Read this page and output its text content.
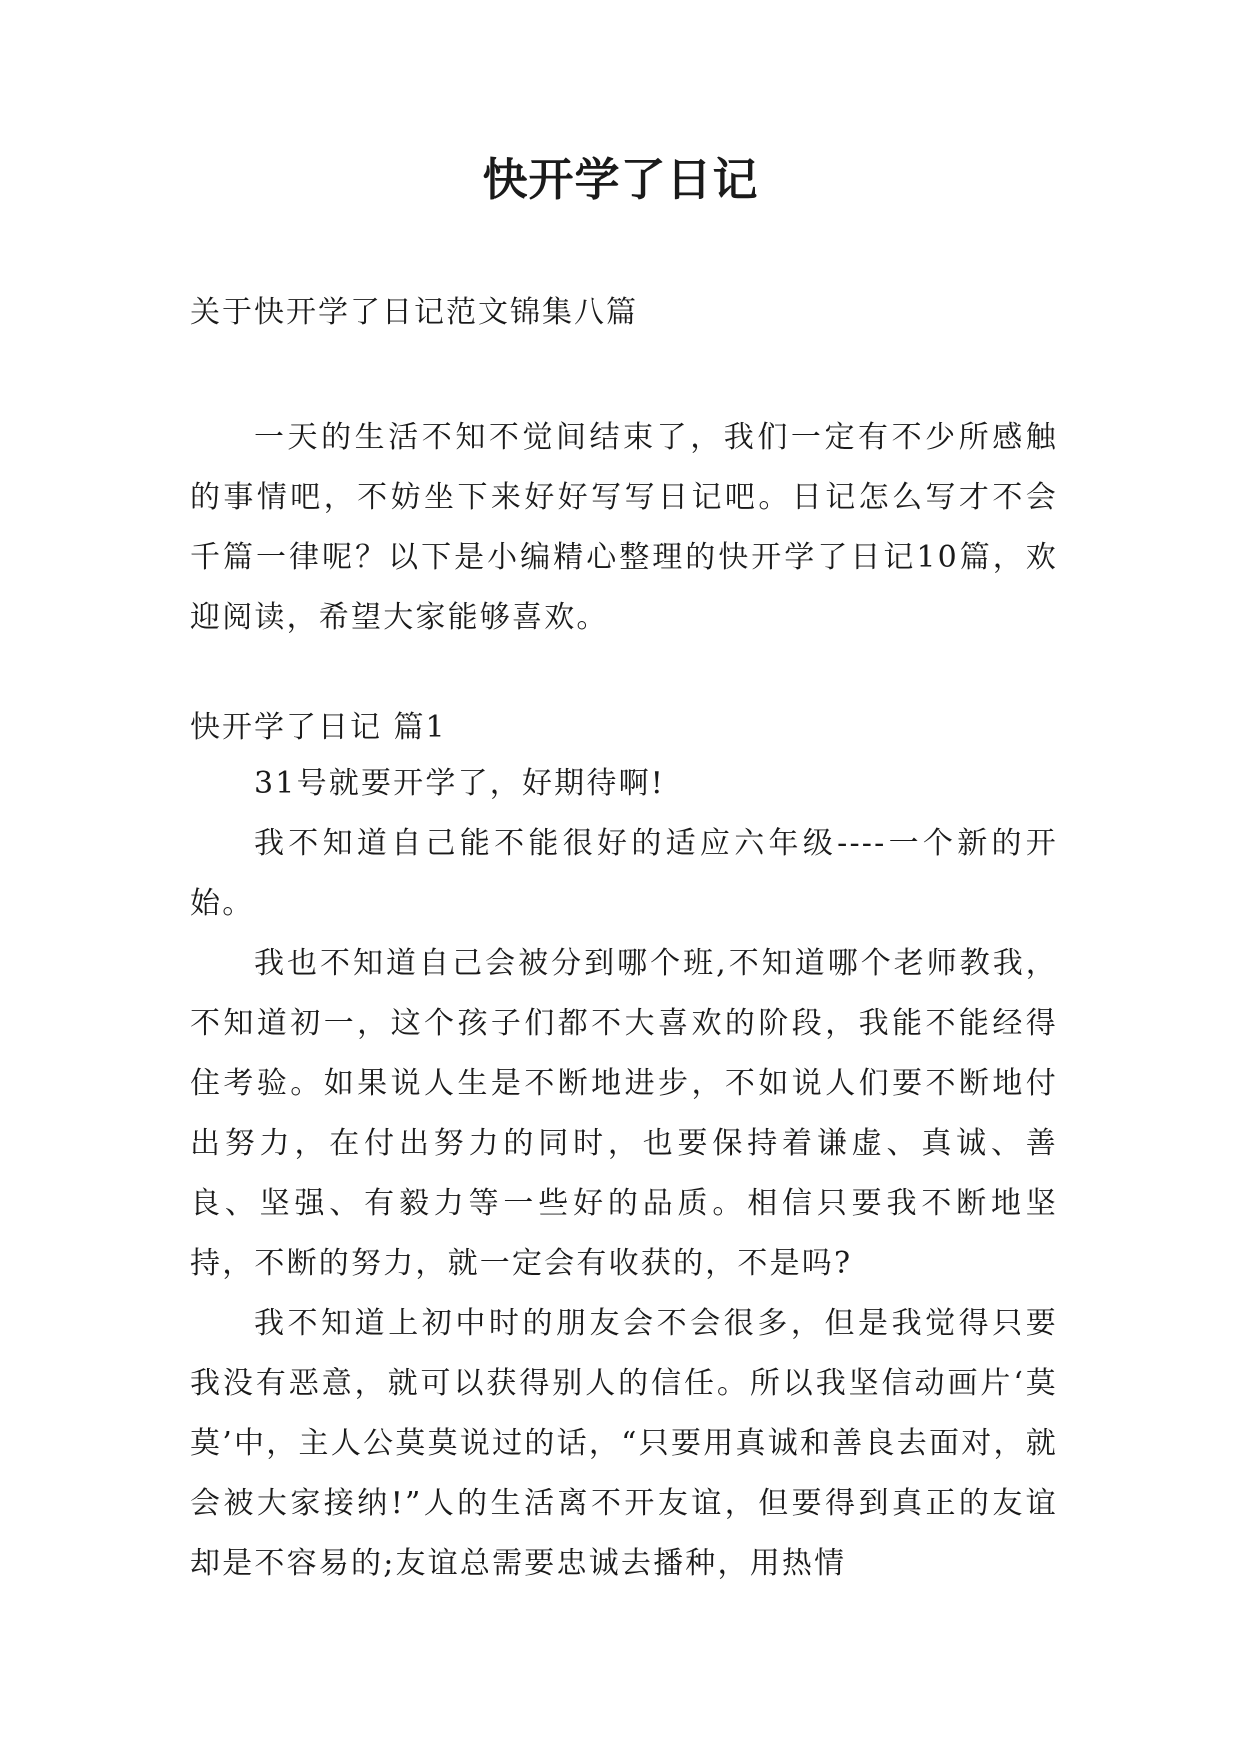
快开学了日记

关于快开学了日记范文锦集八篇

一天的生活不知不觉间结束了，我们一定有不少所感触的事情吧，不妨坐下来好好写写日记吧。日记怎么写才不会千篇一律呢？以下是小编精心整理的快开学了日记10篇，欢迎阅读，希望大家能够喜欢。

快开学了日记 篇1

31号就要开学了，好期待啊!

我不知道自己能不能很好的适应六年级----一个新的开始。

我也不知道自己会被分到哪个班,不知道哪个老师教我，不知道初一，这个孩子们都不大喜欢的阶段，我能不能经得住考验。如果说人生是不断地进步，不如说人们要不断地付出努力，在付出努力的同时，也要保持着谦虚、真诚、善良、坚强、有毅力等一些好的品质。相信只要我不断地坚持，不断的努力，就一定会有收获的，不是吗?

我不知道上初中时的朋友会不会很多，但是我觉得只要我没有恶意，就可以获得别人的信任。所以我坚信动画片‘莫莫’中，主人公莫莫说过的话，“只要用真诚和善良去面对，就会被大家接纳!”人的生活离不开友谊，但要得到真正的友谊却是不容易的;友谊总需要忠诚去播种，用热情
